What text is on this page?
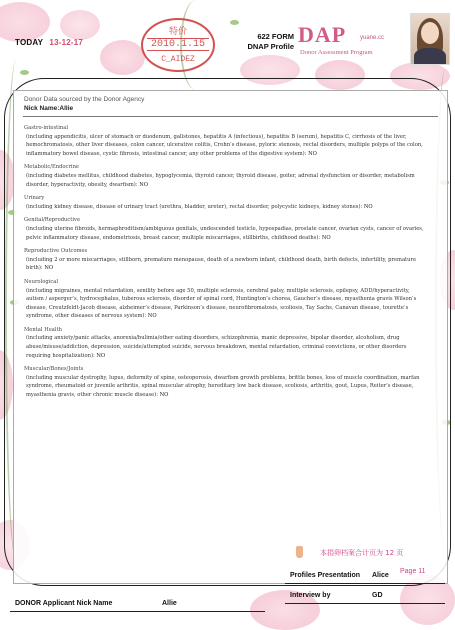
TODAY 13-12-17
特价
2010.1.15
C_AIDEZ
622 FORM
DNAP Profile DAP yuane.cc
Donor Assessment Program
Donor Data sourced by the Donor Agency
Nick Name:Allie
Gastro-intestinal
(including appendicitis, ulcer of stomach or duodenum, gallstones, hepatitis A (infectious), hepatitis B (serum), hepatitis C, cirrhosis of the liver, hemochromatosis, other liver diseases, colon cancer, ulcerative colitis, Crohn’s disease, pyloric stenosis, rectal disorders, multiple polyps of the colon, inflammatory bowel disease, cystic fibrosis, intestinal cancer, any other problems of the digestive system): NO
Metabolic/Endocrine
(including diabetes mellitus, childhood diabetes, hypoglycemia, thyroid cancer, thyroid disease, goiter, adrenal dysfunction or disorder, metabolism disorder, hyperactivity, obesity, dwarfism): NO
Urinary
(including kidney disease, disease of urinary tract (urethra, bladder, ureter), rectal disorder, polycystic kidneys, kidney stones): NO
Genital/Reproductive
(including uterine fibroids, hermaphroditism/ambiguous genitals, undescended testicle, hypospadias, prostate cancer, ovarian cysts, cancer of ovaries, pelvic inflammatory disease, endometriosis, breast cancer, multiple miscarriages, stillbirths, childhood deaths): NO
Reproductive Outcomes
(including 2 or more miscarriages, stillborn, premature menopause, death of a newborn infant, childhood death, birth defects, infertility, premature birth): NO
Neurological
(including migraines, mental retardation, senility before age 50, multiple sclerosis, cerebral palsy, multiple sclerosis, epilepsy, ADD/hyperactivity, autism / asperger’s, hydrocephalus, tuberous sclerosis, disorder of spinal cord, Huntington’s chorea, Gaucher’s disease, myasthenia gravis Wilson’s disease, Creutzfeldt-Jacob disease, alzheimer’s disease, Parkinson’s disease, neurofibromatosis, scoliosis, Tay Sachs, Canavan disease, tourette’s syndrome, other diseases of nervous system): NO
Mental Health
(including anxiety/panic attacks, anorexia/bulimia/other eating disorders, schizophrenia, manic depressive, bipolar disorder, alcoholism, drug abuse/misuse/addiction, depression, suicide/attempted suicide, nervous breakdown, mental retardation, criminal convictions, or other disorders requiring hospitalization): NO
Muscular/Bones/Joints
(including muscular dystrophy, lupus, deformity of spine, osteoporosis, dwarfism growth problems, brittle bones, loss of muscle coordination, marfan syndrome, rheumatoid or juvenile arthritis, spinal muscular atrophy, hereditary low back disease, scoliosis, arthritis, gout, Lupus, Reiter’s disease, myasthenia gravis, other chronic muscle disease): NO
本捐卵档案合计页为 12 页
Page 11
Profiles Presentation Alice
Interview by	GD
DONOR Applicant Nick Name	Allie
